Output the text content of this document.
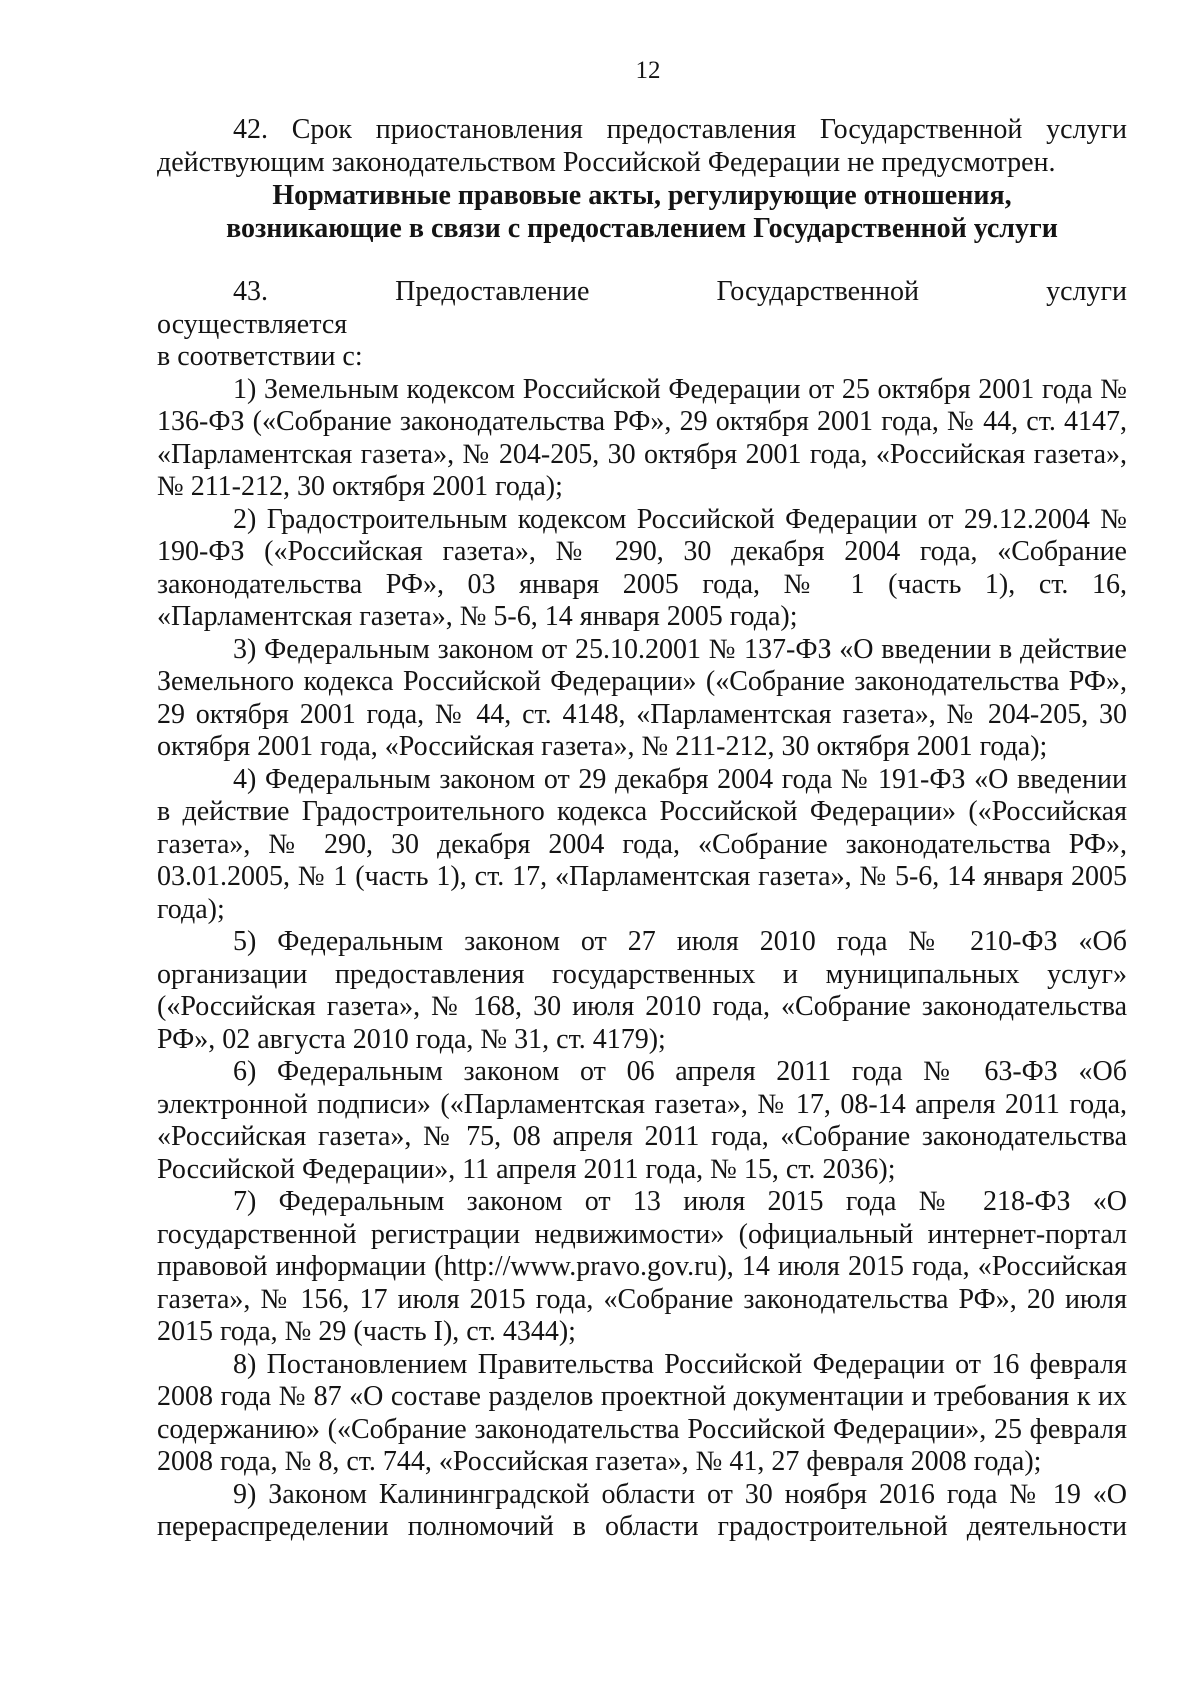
12

42. Срок приостановления предоставления Государственной услуги действующим законодательством Российской Федерации не предусмотрен.

Нормативные правовые акты, регулирующие отношения,

возникающие в связи с предоставлением Государственной услуги

43. Предоставление Государственной услуги осуществляется

в соответствии с:

1) Земельным кодексом Российской Федерации от 25 октября 2001 года № 136-ФЗ («Собрание законодательства РФ», 29 октября 2001 года, № 44, ст. 4147, «Парламентская газета», № 204-205, 30 октября 2001 года, «Российская газета», № 211-212, 30 октября 2001 года);

2) Градостроительным кодексом Российской Федерации от 29.12.2004 № 190-ФЗ («Российская газета», № 290, 30 декабря 2004 года, «Собрание законодательства РФ», 03 января 2005 года, № 1 (часть 1), ст. 16, «Парламентская газета», № 5-6, 14 января 2005 года);

3) Федеральным законом от 25.10.2001 № 137-ФЗ «О введении в действие Земельного кодекса Российской Федерации» («Собрание законодательства РФ», 29 октября 2001 года, № 44, ст. 4148, «Парламентская газета», № 204-205, 30 октября 2001 года, «Российская газета», № 211-212, 30 октября 2001 года);

4) Федеральным законом от 29 декабря 2004 года № 191-ФЗ «О введении в действие Градостроительного кодекса Российской Федерации» («Российская газета», № 290, 30 декабря 2004 года, «Собрание законодательства РФ», 03.01.2005, № 1 (часть 1), ст. 17, «Парламентская газета», № 5-6, 14 января 2005 года);

5) Федеральным законом от 27 июля 2010 года № 210-ФЗ «Об организации предоставления государственных и муниципальных услуг» («Российская газета», № 168, 30 июля 2010 года, «Собрание законодательства РФ», 02 августа 2010 года, № 31, ст. 4179);

6) Федеральным законом от 06 апреля 2011 года № 63-ФЗ «Об электронной подписи» («Парламентская газета», № 17, 08-14 апреля 2011 года, «Российская газета», № 75, 08 апреля 2011 года, «Собрание законодательства Российской Федерации», 11 апреля 2011 года, № 15, ст. 2036);

7) Федеральным законом от 13 июля 2015 года № 218-ФЗ «О государственной регистрации недвижимости» (официальный интернет-портал правовой информации (http://www.pravo.gov.ru), 14 июля 2015 года, «Российская газета», № 156, 17 июля 2015 года, «Собрание законодательства РФ», 20 июля 2015 года, № 29 (часть I), ст. 4344);

8) Постановлением Правительства Российской Федерации от 16 февраля 2008 года № 87 «О составе разделов проектной документации и требования к их содержанию» («Собрание законодательства Российской Федерации», 25 февраля 2008 года, № 8, ст. 744, «Российская газета», № 41, 27 февраля 2008 года);

9) Законом Калининградской области от 30 ноября 2016 года № 19 «О перераспределении полномочий в области градостроительной деятельности
